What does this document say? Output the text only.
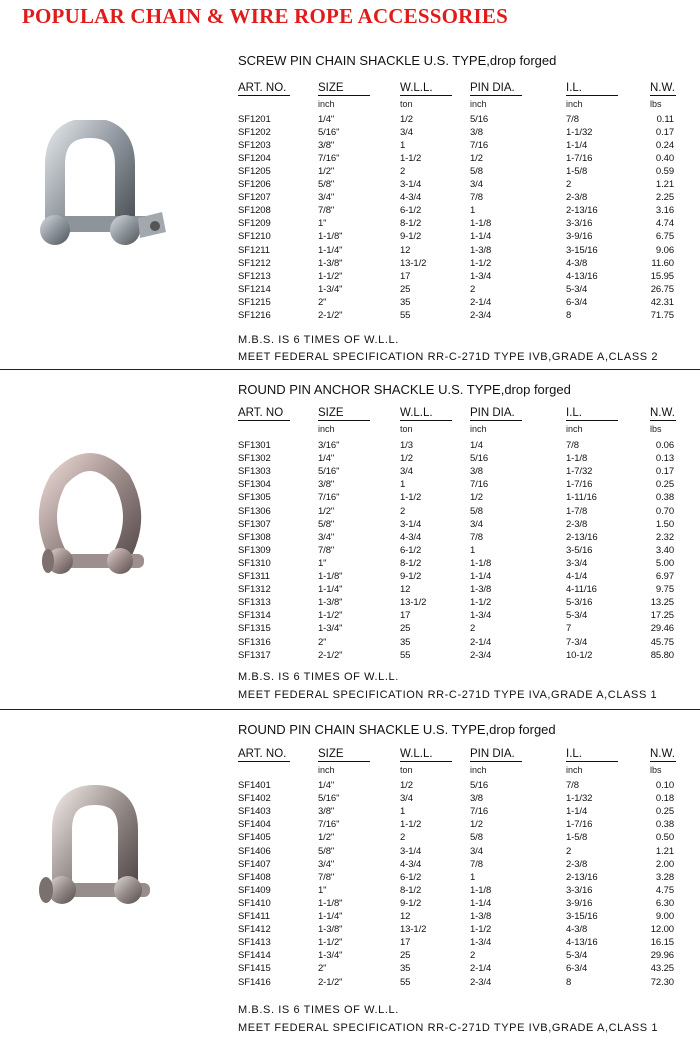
POPULAR CHAIN & WIRE ROPE ACCESSORIES
SCREW PIN CHAIN SHACKLE U.S. TYPE,drop forged
ART. NO.	SIZE	W.L.L.	PIN DIA.	I.L.	N.W.
inch	ton	inch	inch	lbs
SF1201	1/4"	1/2	5/16	7/8	0.11
SF1202	5/16"	3/4	3/8	1-1/32	0.17
SF1203	3/8"	1	7/16	1-1/4	0.24
SF1204	7/16"	1-1/2	1/2	1-7/16	0.40
SF1205	1/2"	2	5/8	1-5/8	0.59
SF1206	5/8"	3-1/4	3/4	2	1.21
SF1207	3/4"	4-3/4	7/8	2-3/8	2.25
SF1208	7/8"	6-1/2	1	2-13/16	3.16
SF1209	1"	8-1/2	1-1/8	3-3/16	4.74
SF1210	1-1/8"	9-1/2	1-1/4	3-9/16	6.75
SF1211	1-1/4"	12	1-3/8	3-15/16	9.06
SF1212	1-3/8"	13-1/2	1-1/2	4-3/8	11.60
SF1213	1-1/2"	17	1-3/4	4-13/16	15.95
SF1214	1-3/4"	25	2	5-3/4	26.75
SF1215	2"	35	2-1/4	6-3/4	42.31
SF1216	2-1/2"	55	2-3/4	8	71.75
M.B.S. IS 6 TIMES OF W.L.L.
MEET FEDERAL SPECIFICATION RR-C-271D TYPE IVB,GRADE A,CLASS 2
ROUND PIN ANCHOR SHACKLE U.S. TYPE,drop forged
ART. NO	SIZE	W.L.L.	PIN DIA.	I.L.	N.W.
inch	ton	inch	inch	lbs
SF1301	3/16"	1/3	1/4	7/8	0.06
SF1302	1/4"	1/2	5/16	1-1/8	0.13
SF1303	5/16"	3/4	3/8	1-7/32	0.17
SF1304	3/8"	1	7/16	1-7/16	0.25
SF1305	7/16"	1-1/2	1/2	1-11/16	0.38
SF1306	1/2"	2	5/8	1-7/8	0.70
SF1307	5/8"	3-1/4	3/4	2-3/8	1.50
SF1308	3/4"	4-3/4	7/8	2-13/16	2.32
SF1309	7/8"	6-1/2	1	3-5/16	3.40
SF1310	1"	8-1/2	1-1/8	3-3/4	5.00
SF1311	1-1/8"	9-1/2	1-1/4	4-1/4	6.97
SF1312	1-1/4"	12	1-3/8	4-11/16	9.75
SF1313	1-3/8"	13-1/2	1-1/2	5-3/16	13.25
SF1314	1-1/2"	17	1-3/4	5-3/4	17.25
SF1315	1-3/4"	25	2	7	29.46
SF1316	2"	35	2-1/4	7-3/4	45.75
SF1317	2-1/2"	55	2-3/4	10-1/2	85.80
M.B.S. IS 6 TIMES OF W.L.L.
MEET FEDERAL SPECIFICATION RR-C-271D TYPE IVA,GRADE A,CLASS 1
ROUND PIN CHAIN SHACKLE U.S. TYPE,drop forged
ART. NO.	SIZE	W.L.L.	PIN DIA.	I.L.	N.W.
inch	ton	inch	inch	lbs
SF1401	1/4"	1/2	5/16	7/8	0.10
SF1402	5/16"	3/4	3/8	1-1/32	0.18
SF1403	3/8"	1	7/16	1-1/4	0.25
SF1404	7/16"	1-1/2	1/2	1-7/16	0.38
SF1405	1/2"	2	5/8	1-5/8	0.50
SF1406	5/8"	3-1/4	3/4	2	1.21
SF1407	3/4"	4-3/4	7/8	2-3/8	2.00
SF1408	7/8"	6-1/2	1	2-13/16	3.28
SF1409	1"	8-1/2	1-1/8	3-3/16	4.75
SF1410	1-1/8"	9-1/2	1-1/4	3-9/16	6.30
SF1411	1-1/4"	12	1-3/8	3-15/16	9.00
SF1412	1-3/8"	13-1/2	1-1/2	4-3/8	12.00
SF1413	1-1/2"	17	1-3/4	4-13/16	16.15
SF1414	1-3/4"	25	2	5-3/4	29.96
SF1415	2"	35	2-1/4	6-3/4	43.25
SF1416	2-1/2"	55	2-3/4	8	72.30
M.B.S. IS 6 TIMES OF W.L.L.
MEET FEDERAL SPECIFICATION RR-C-271D TYPE IVB,GRADE A,CLASS 1
